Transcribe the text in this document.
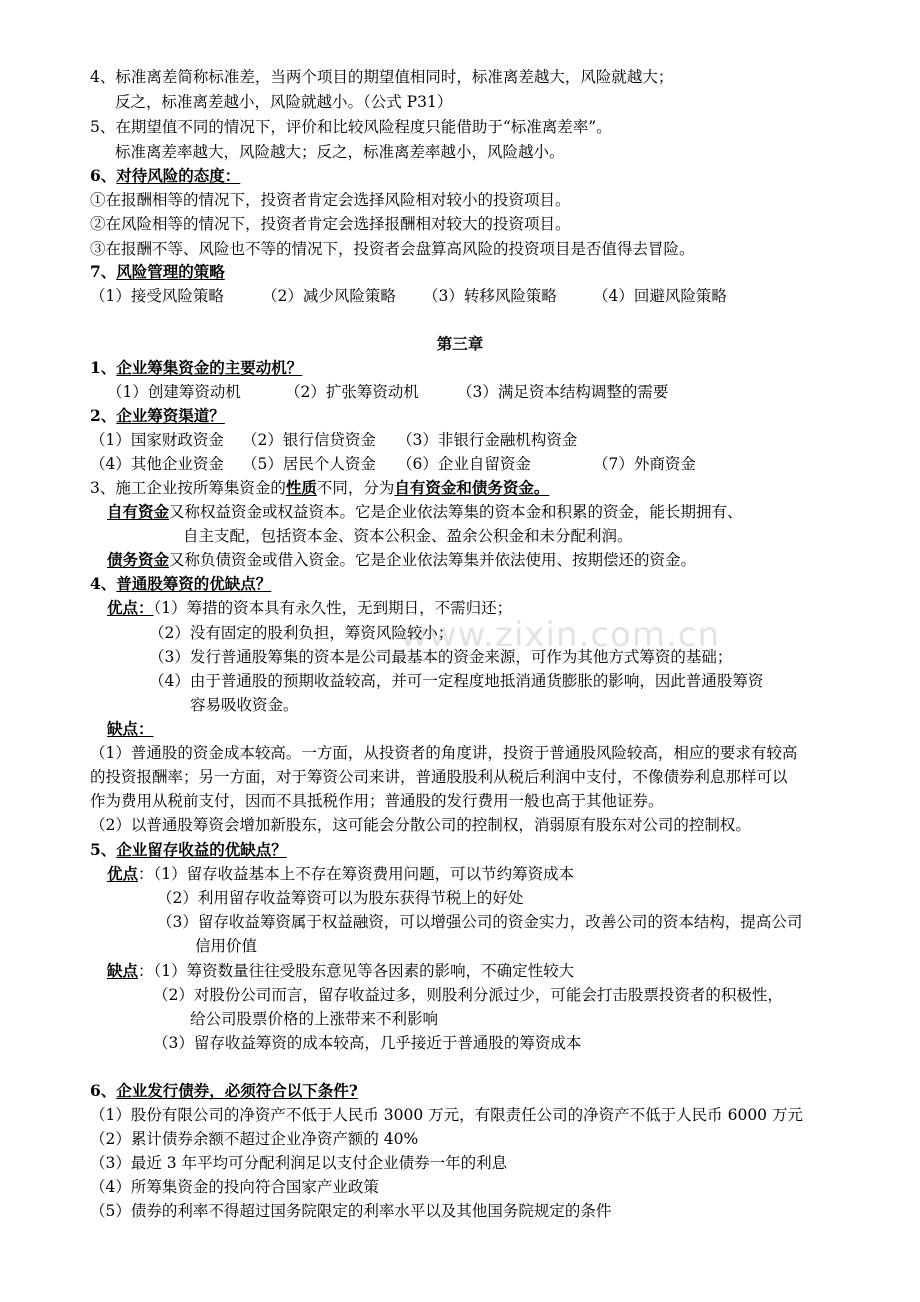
www.zixin.com.cn
4、标准离差简称标准差，当两个项目的期望值相同时，标准离差越大，风险就越大；
反之，标准离差越小，风险就越小。（公式 P31）
5、在期望值不同的情况下，评价和比较风险程度只能借助于“标准离差率”。
标准离差率越大，风险越大；反之，标准离差率越小，风险越小。
6、对待风险的态度：
①在报酬相等的情况下，投资者肯定会选择风险相对较小的投资项目。
②在风险相等的情况下，投资者肯定会选择报酬相对较大的投资项目。
③在报酬不等、风险也不等的情况下，投资者会盘算高风险的投资项目是否值得去冒险。
7、风险管理的策略
（1）接受风险策略 （2）减少风险策略 （3）转移风险策略 （4）回避风险策略
第三章
1、企业筹集资金的主要动机？
（1）创建筹资动机	（2）扩张筹资动机 （3）满足资本结构调整的需要
2、企业筹资渠道？
（1）国家财政资金 （2）银行信贷资金 （3）非银行金融机构资金
（4）其他企业资金 （5）居民个人资金 （6）企业自留资金	（7）外商资金
3、施工企业按所筹集资金的性质不同，分为自有资金和债务资金。
自有资金又称权益资金或权益资本。它是企业依法筹集的资本金和积累的资金，能长期拥有、
自主支配，包括资本金、资本公积金、盈余公积金和未分配利润。
债务资金又称负债资金或借入资金。它是企业依法筹集并依法使用、按期偿还的资金。
4、普通股筹资的优缺点？
优点：（1）筹措的资本具有永久性，无到期日，不需归还；
（2）没有固定的股利负担，筹资风险较小；
（3）发行普通股筹集的资本是公司最基本的资金来源，可作为其他方式筹资的基础；
（4）由于普通股的预期收益较高，并可一定程度地抵消通货膨胀的影响，因此普通股筹资
容易吸收资金。
缺点：
（1）普通股的资金成本较高。一方面，从投资者的角度讲，投资于普通股风险较高，相应的要求有较高
的投资报酬率；另一方面，对于筹资公司来讲，普通股股利从税后利润中支付，不像债券利息那样可以
作为费用从税前支付，因而不具抵税作用；普通股的发行费用一般也高于其他证券。
（2）以普通股筹资会增加新股东，这可能会分散公司的控制权，消弱原有股东对公司的控制权。
5、企业留存收益的优缺点？
优点：（1）留存收益基本上不存在筹资费用问题，可以节约筹资成本
（2）利用留存收益筹资可以为股东获得节税上的好处
（3）留存收益筹资属于权益融资，可以增强公司的资金实力，改善公司的资本结构，提高公司
信用价值
缺点：（1）筹资数量往往受股东意见等各因素的影响，不确定性较大
（2）对股份公司而言，留存收益过多，则股利分派过少，可能会打击股票投资者的积极性，
给公司股票价格的上涨带来不利影响
（3）留存收益筹资的成本较高，几乎接近于普通股的筹资成本
6、企业发行债券，必须符合以下条件?
（1）股份有限公司的净资产不低于人民币 3000 万元，有限责任公司的净资产不低于人民币 6000 万元
（2）累计债券余额不超过企业净资产额的 40%
（3）最近 3 年平均可分配利润足以支付企业债券一年的利息
（4）所筹集资金的投向符合国家产业政策
（5）债券的利率不得超过国务院限定的利率水平以及其他国务院规定的条件
